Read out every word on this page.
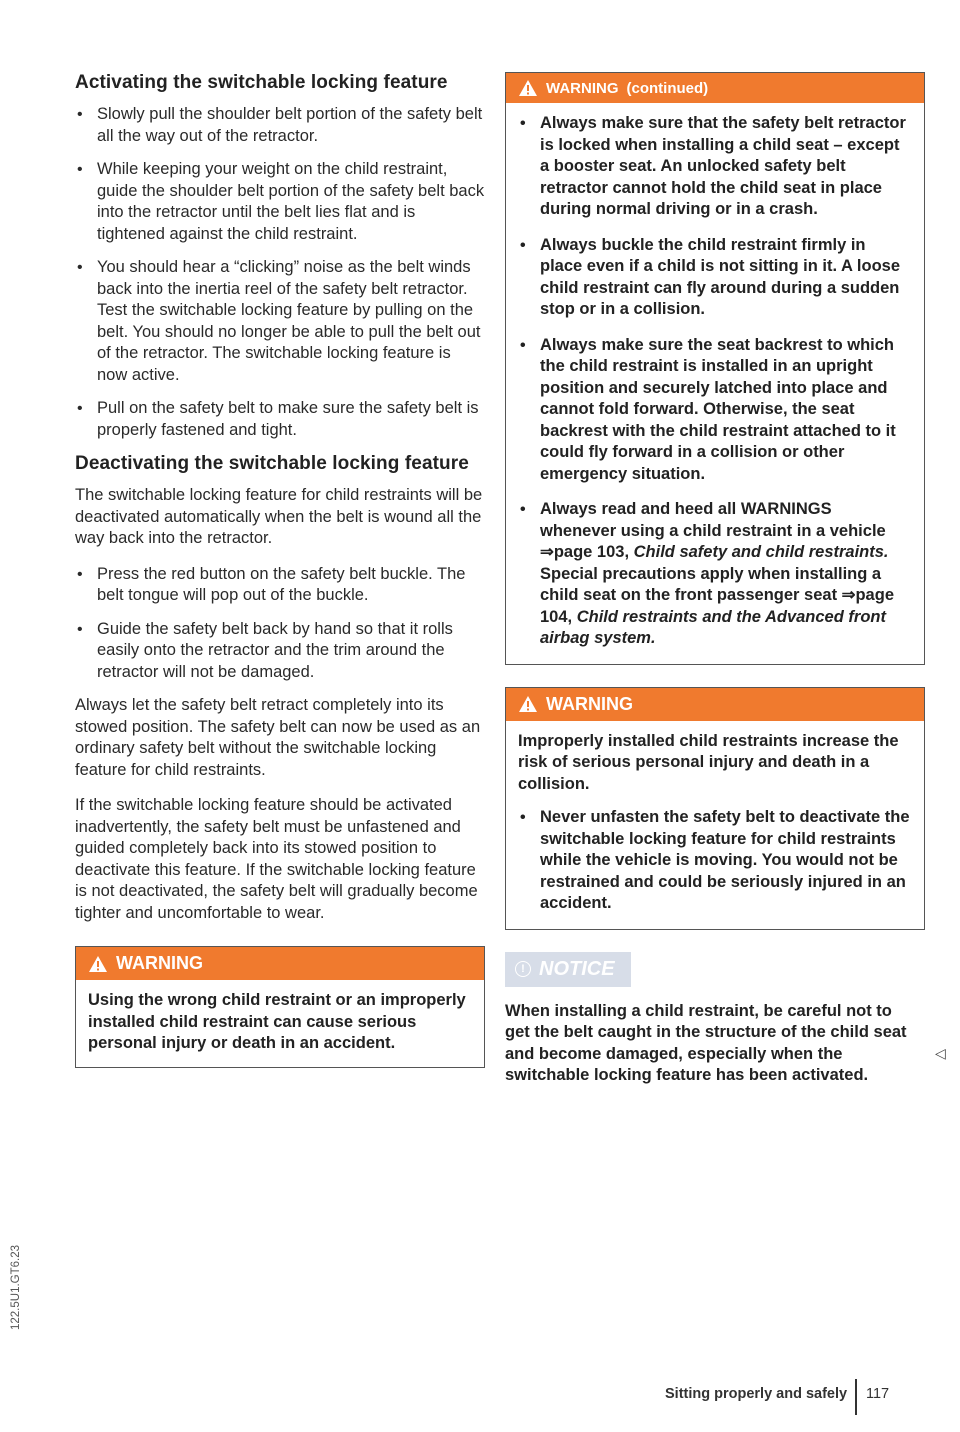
Activating the switchable locking feature
• Slowly pull the shoulder belt portion of the safety belt all the way out of the retractor.
• While keeping your weight on the child restraint, guide the shoulder belt portion of the safety belt back into the retractor until the belt lies flat and is tightened against the child restraint.
• You should hear a “clicking” noise as the belt winds back into the inertia reel of the safety belt retractor. Test the switchable locking feature by pulling on the belt. You should no longer be able to pull the belt out of the retractor. The switchable locking feature is now active.
• Pull on the safety belt to make sure the safety belt is properly fastened and tight.
Deactivating the switchable locking feature

The switchable locking feature for child restraints will be deactivated automatically when the belt is wound all the way back into the retractor.

• Press the red button on the safety belt buckle. The belt tongue will pop out of the buckle.
• Guide the safety belt back by hand so that it rolls easily onto the retractor and the trim around the retractor will not be damaged.

Always let the safety belt retract completely into its stowed position. The safety belt can now be used as an ordinary safety belt without the switchable locking feature for child restraints.

If the switchable locking feature should be activated inadvertently, the safety belt must be unfastened and guided completely back into its stowed position to deactivate this feature. If the switchable locking feature is not deactivated, the safety belt will gradually become tighter and uncomfortable to wear.

WARNING
Using the wrong child restraint or an improperly installed child restraint can cause serious personal injury or death in an accident.
WARNING (continued)
• Always make sure that the safety belt retractor is locked when installing a child seat – except a booster seat. An unlocked safety belt retractor cannot hold the child seat in place during normal driving or in a crash.
• Always buckle the child restraint firmly in place even if a child is not sitting in it. A loose child restraint can fly around during a sudden stop or in a collision.
• Always make sure the seat backrest to which the child restraint is installed in an upright position and securely latched into place and cannot fold forward. Otherwise, the seat backrest with the child restraint attached to it could fly forward in a collision or other emergency situation.
• Always read and heed all WARNINGS whenever using a child restraint in a vehicle ⇒page 103, Child safety and child restraints. Special precautions apply when installing a child seat on the front passenger seat ⇒page 104, Child restraints and the Advanced front airbag system.
WARNING

Improperly installed child restraints increase the risk of serious personal injury and death in a collision.

• Never unfasten the safety belt to deactivate the switchable locking feature for child restraints while the vehicle is moving. You would not be restrained and could be seriously injured in an accident.
! NOTICE

When installing a child restraint, be careful not to get the belt caught in the structure of the child seat and become damaged, especially when the switchable locking feature has been activated.

◁
122.5U1.GT6.23
Sitting properly and safely 117
